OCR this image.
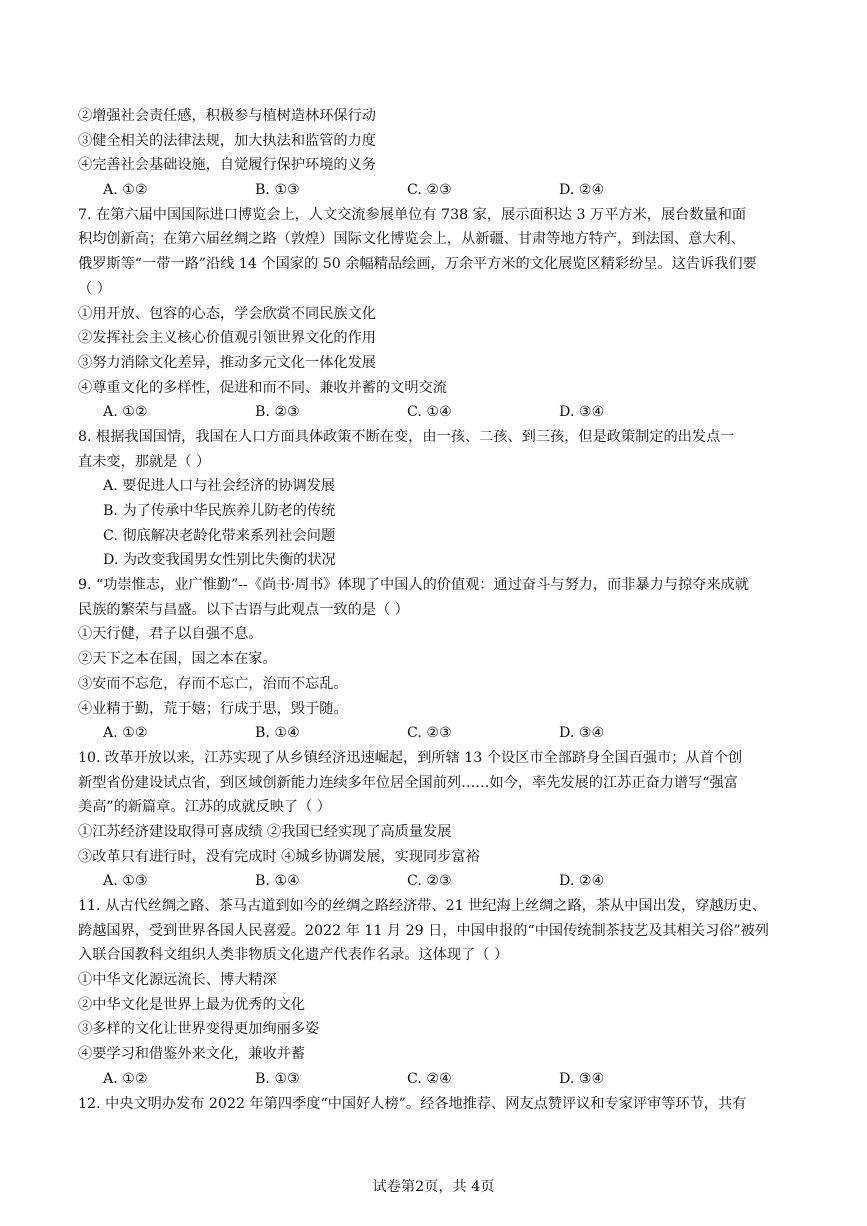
②增强社会责任感，积极参与植树造林环保行动
③健全相关的法律法规，加大执法和监管的力度
④完善社会基础设施，自觉履行保护环境的义务
A. ①②	B. ①③	C. ②③	D. ②④
7. 在第六届中国国际进口博览会上，人文交流参展单位有 738 家，展示面积达 3 万平方米，展台数量和面
积均创新高；在第六届丝绸之路（敦煌）国际文化博览会上，从新疆、甘肃等地方特产，到法国、意大利、
俄罗斯等“一带一路”沿线 14 个国家的 50 余幅精品绘画，万余平方米的文化展览区精彩纷呈。这告诉我们要
（ ）
①用开放、包容的心态，学会欣赏不同民族文化
②发挥社会主义核心价值观引领世界文化的作用
③努力消除文化差异，推动多元文化一体化发展
④尊重文化的多样性，促进和而不同、兼收并蓄的文明交流
A. ①②	B. ②③	C. ①④	D. ③④
8. 根据我国国情，我国在人口方面具体政策不断在变，由一孩、二孩、到三孩，但是政策制定的出发点一
直未变，那就是（ ）
A. 要促进人口与社会经济的协调发展
B. 为了传承中华民族养儿防老的传统
C. 彻底解决老龄化带来系列社会问题
D. 为改变我国男女性别比失衡的状况
9. “功崇惟志，业广惟勤”--《尚书·周书》体现了中国人的价值观：通过奋斗与努力，而非暴力与掠夺来成就
民族的繁荣与昌盛。以下古语与此观点一致的是（ ）
①天行健，君子以自强不息。
②天下之本在国，国之本在家。
③安而不忘危，存而不忘亡，治而不忘乱。
④业精于勤，荒于嬉；行成于思，毁于随。
A. ①②	B. ①④	C. ②③	D. ③④
10. 改革开放以来，江苏实现了从乡镇经济迅速崛起，到所辖 13 个设区市全部跻身全国百强市；从首个创
新型省份建设试点省，到区域创新能力连续多年位居全国前列……如今，率先发展的江苏正奋力谱写“强富
美高”的新篇章。江苏的成就反映了（ ）
①江苏经济建设取得可喜成绩 ②我国已经实现了高质量发展
③改革只有进行时，没有完成时 ④城乡协调发展，实现同步富裕
A. ①③	B. ①④	C. ②③	D. ②④
11. 从古代丝绸之路、茶马古道到如今的丝绸之路经济带、21 世纪海上丝绸之路，茶从中国出发，穿越历史、
跨越国界，受到世界各国人民喜爱。2022 年 11 月 29 日，中国申报的“中国传统制茶技艺及其相关习俗”被列
入联合国教科文组织人类非物质文化遗产代表作名录。这体现了（ ）
①中华文化源远流长、博大精深
②中华文化是世界上最为优秀的文化
③多样的文化让世界变得更加绚丽多姿
④要学习和借鉴外来文化，兼收并蓄
A. ①②	B. ①③	C. ②④	D. ③④
12. 中央文明办发布 2022 年第四季度“中国好人榜”。经各地推荐、网友点赞评议和专家评审等环节，共有
试卷第2页，共 4页
